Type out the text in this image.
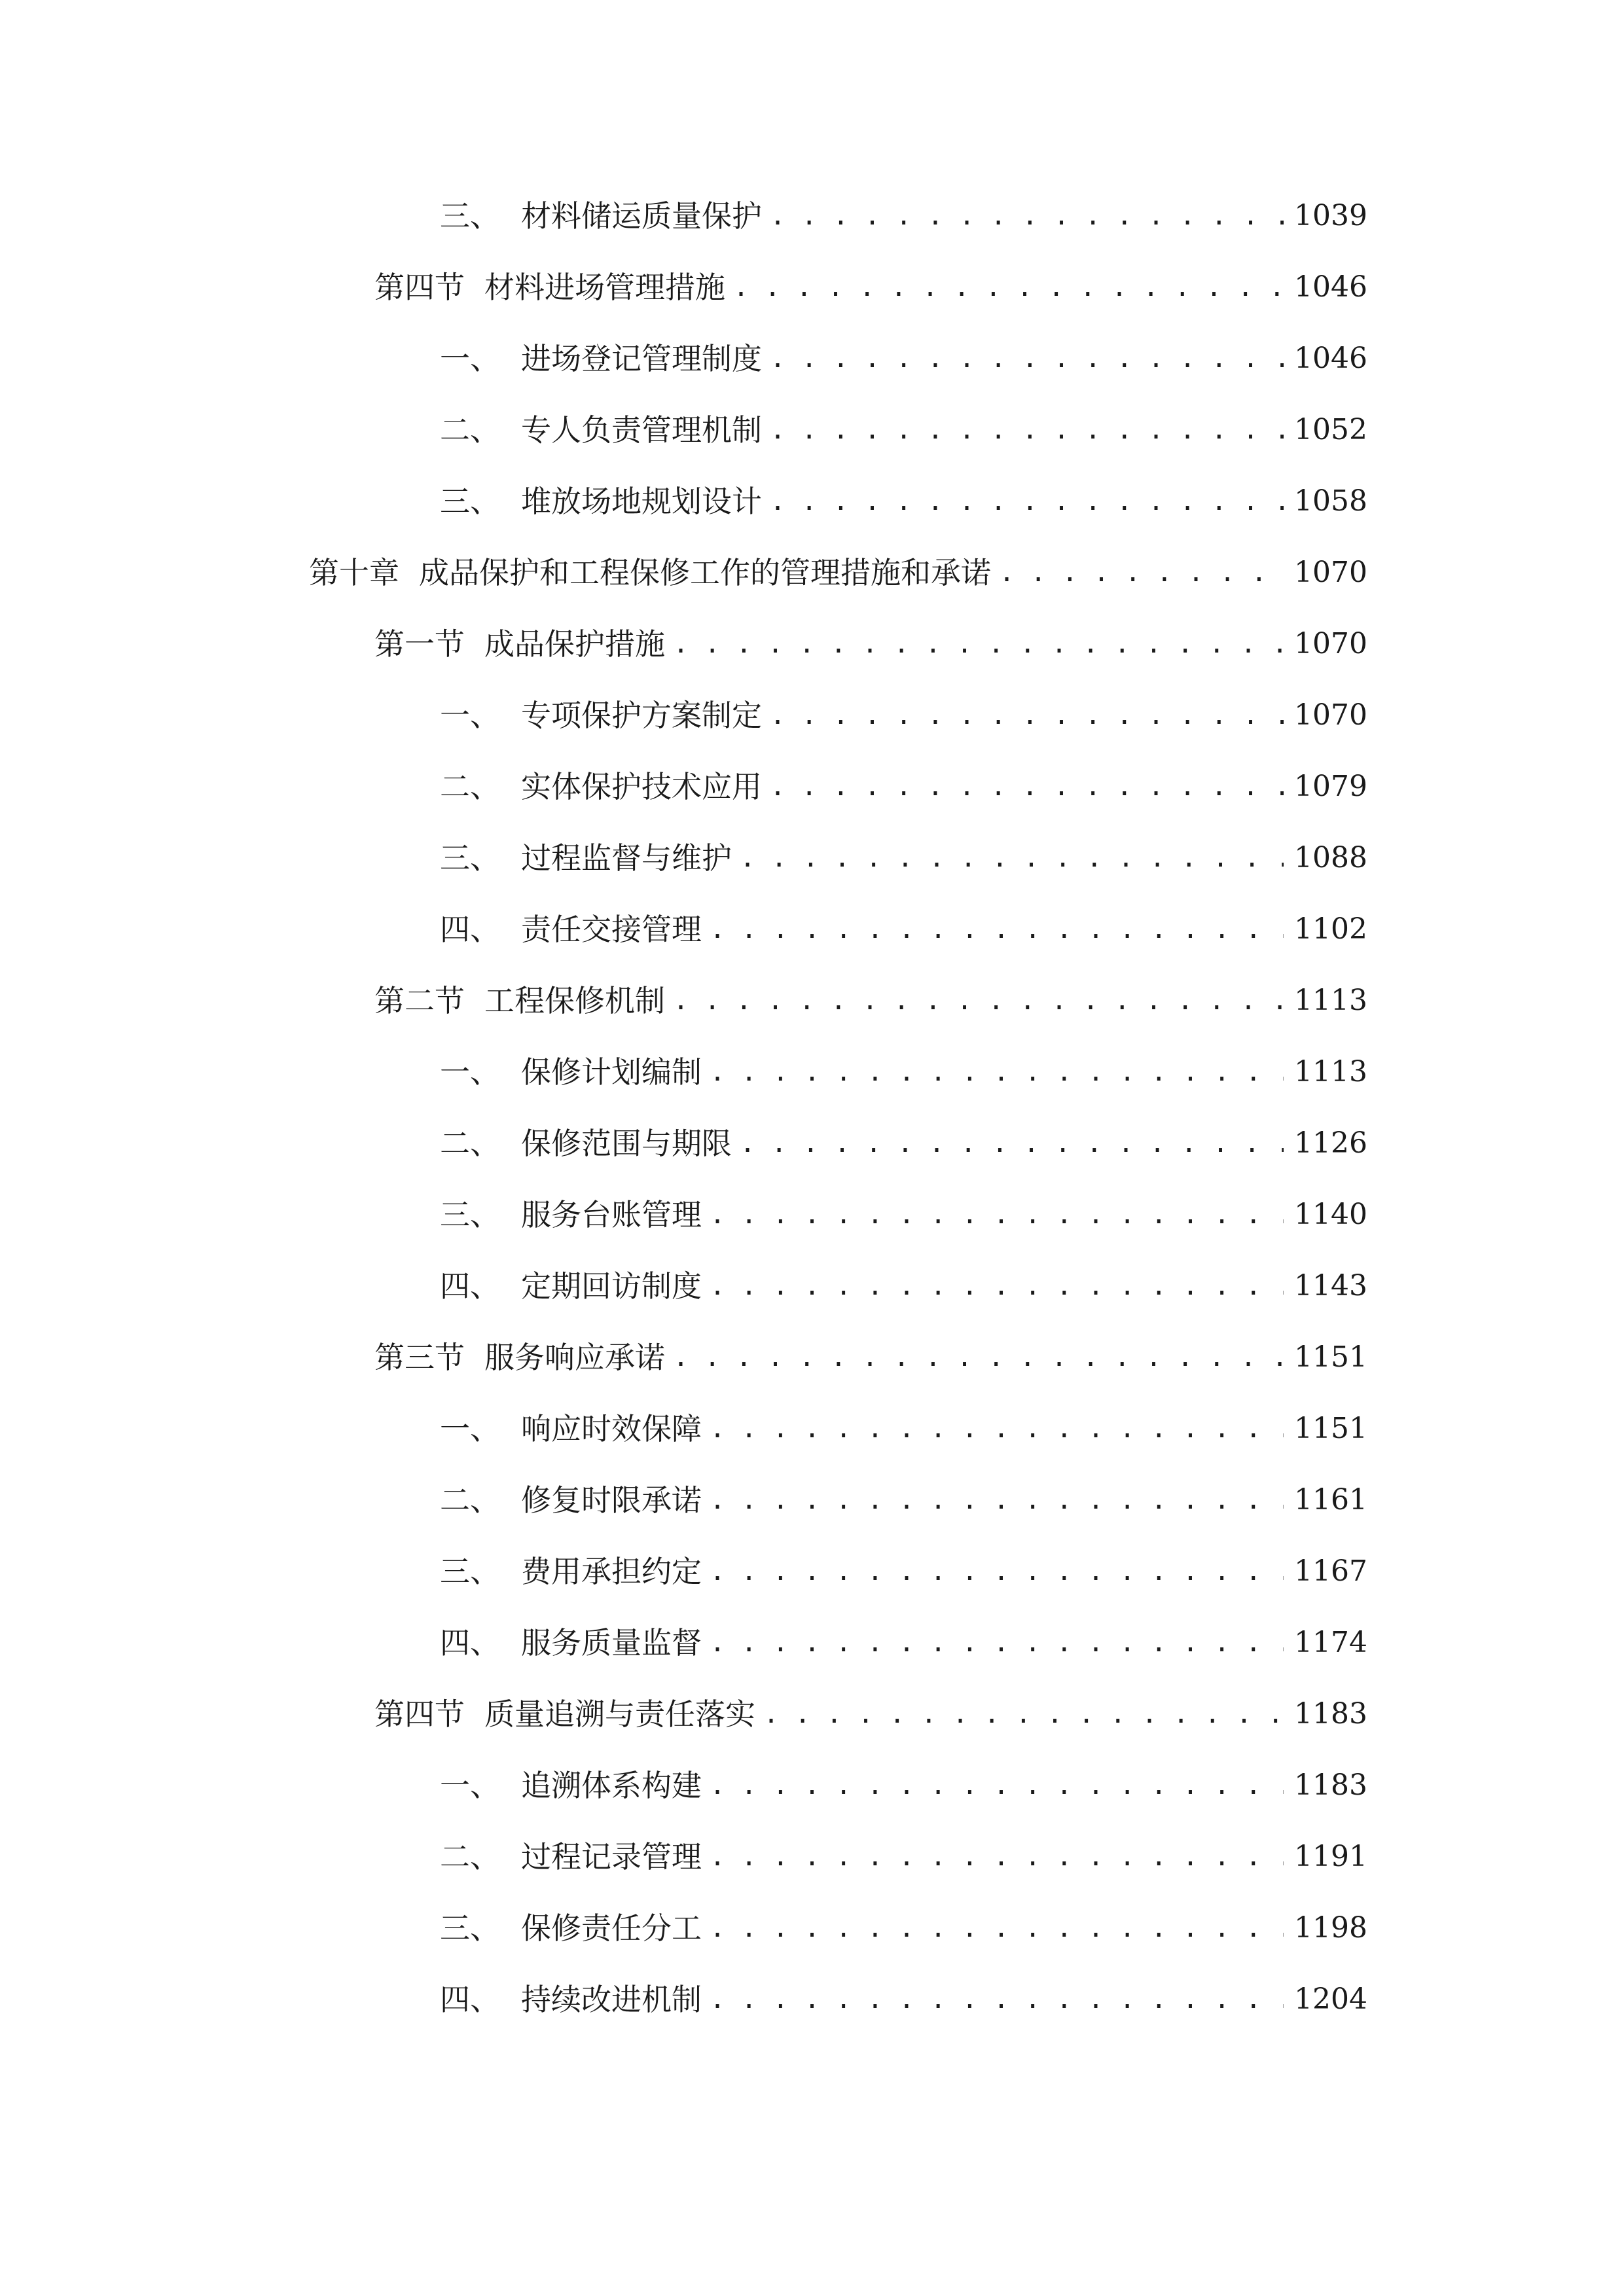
三、 材料储运质量保护 . . .	1039
第四节 材料进场管理措施 . . .	1046
一、 进场登记管理制度 . . .	1046
二、 专人负责管理机制 . . .	1052
三、 堆放场地规划设计 . . .	1058
第十章 成品保护和工程保修工作的管理措施和承诺 . . .	1070
第一节 成品保护措施 . . .	1070
一、 专项保护方案制定 . . .	1070
二、 实体保护技术应用 . . .	1079
三、 过程监督与维护 . . .	1088
四、 责任交接管理 . . .	1102
第二节 工程保修机制 . . .	1113
一、 保修计划编制 . . .	1113
二、 保修范围与期限 . . .	1126
三、 服务台账管理 . . .	1140
四、 定期回访制度 . . .	1143
第三节 服务响应承诺 . . .	1151
一、 响应时效保障 . . .	1151
二、 修复时限承诺 . . .	1161
三、 费用承担约定 . . .	1167
四、 服务质量监督 . . .	1174
第四节 质量追溯与责任落实 . . .	1183
一、 追溯体系构建 . . .	1183
二、 过程记录管理 . . .	1191
三、 保修责任分工 . . .	1198
四、 持续改进机制 . . .	1204
